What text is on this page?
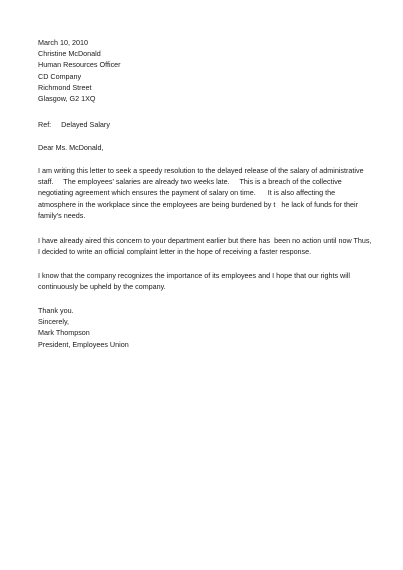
March 10, 2010
Christine McDonald
Human Resources Officer
CD Company
Richmond Street
Glasgow, G2 1XQ
Ref:     Delayed Salary
Dear Ms. McDonald,
I am writing this letter to seek a speedy resolution to the delayed release of the salary of administrative
staff.     The employees' salaries are already two weeks late.     This is a breach of the collective
negotiating agreement which ensures the payment of salary on time.      It is also affecting the
atmosphere in the workplace since the employees are being burdened by t   he lack of funds for their
family's needs.
I have already aired this concern to your department earlier but there has  been no action until now Thus,
I decided to write an official complaint letter in the hope of receiving a faster response.
I know that the company recognizes the importance of its employees and I hope that our rights will
continuously be upheld by the company.
Thank you.
Sincerely,
Mark Thompson
President, Employees Union
